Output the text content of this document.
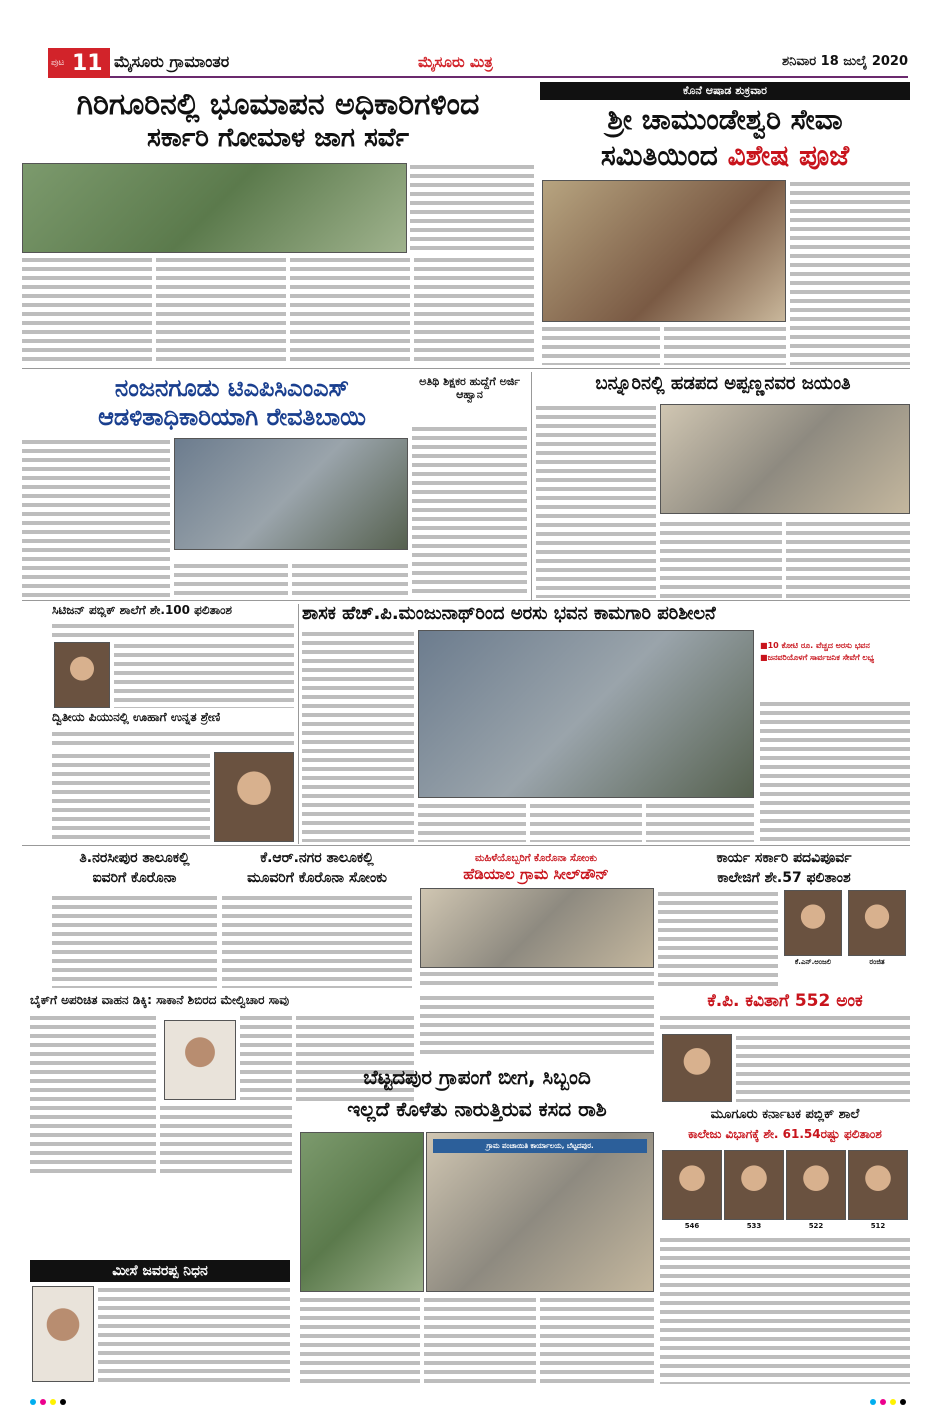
ಪುಟ 11 ಮೈಸೂರು ಗ್ರಾಮಾಂತರ	ಮೈಸೂರು ಮಿತ್ರ	ಶನಿವಾರ 18 ಜುಲೈ 2020
ಗಿರಿಗೂರಿನಲ್ಲಿ ಭೂಮಾಪನ ಅಧಿಕಾರಿಗಳಿಂದ
ಸರ್ಕಾರಿ ಗೋಮಾಳ ಜಾಗ ಸರ್ವೆ
ಕೊನೆ ಆಷಾಡ ಶುಕ್ರವಾರ
ಶ್ರೀ ಚಾಮುಂಡೇಶ್ವರಿ ಸೇವಾ
ಸಮಿತಿಯಿಂದ ವಿಶೇಷ ಪೂಜೆ
ನಂಜನಗೂಡು ಟಿಎಪಿಸಿಎಂಎಸ್
ಆಡಳಿತಾಧಿಕಾರಿಯಾಗಿ ರೇವತಿಬಾಯಿ
ಅತಿಥಿ ಶಿಕ್ಷಕರ ಹುದ್ದೆಗೆ ಅರ್ಜಿ ಆಹ್ವಾನ
ಬನ್ನೂರಿನಲ್ಲಿ ಹಡಪದ ಅಪ್ಪಣ್ಣನವರ ಜಯಂತಿ
ಸಿಟಿಜನ್ ಪಬ್ಲಿಕ್ ಶಾಲೆಗೆ ಶೇ.100 ಫಲಿತಾಂಶ
ದ್ವಿತೀಯ ಪಿಯುನಲ್ಲಿ ಊಹಾಗೆ ಉನ್ನತ ಶ್ರೇಣಿ
ಶಾಸಕ ಹೆಚ್.ಪಿ.ಮಂಜುನಾಥ್‌ರಿಂದ ಅರಸು ಭವನ ಕಾಮಗಾರಿ ಪರಿಶೀಲನೆ
■ 10 ಕೋಟಿ ರೂ. ವೆಚ್ಚದ ಅರಸು ಭವನ
■ ಜನವರಿಯೊಳಗೆ ಸಾರ್ವಜನಿಕ ಸೇವೆಗೆ ಲಭ್ಯ
ತಿ.ನರಸೀಪುರ ತಾಲೂಕಲ್ಲಿ
ಐವರಿಗೆ ಕೊರೊನಾ
ಕೆ.ಆರ್.ನಗರ ತಾಲೂಕಲ್ಲಿ
ಮೂವರಿಗೆ ಕೊರೊನಾ ಸೋಂಕು
ಮಹಿಳೆಯೊಬ್ಬರಿಗೆ ಕೊರೊನಾ ಸೋಂಕು
ಹೆಡಿಯಾಲ ಗ್ರಾಮ ಸೀಲ್‌ಡೌನ್
ಕಾರ್ಯ ಸರ್ಕಾರಿ ಪದವಿಪೂರ್ವ
ಕಾಲೇಜಿಗೆ ಶೇ.57 ಫಲಿತಾಂಶ
ಕೆ.ಎನ್.ಅಂಜಲಿ	ರಂಜಿತ
ಬೈಕ್‌ಗೆ ಅಪರಿಚಿತ ವಾಹನ ಡಿಕ್ಕಿ: ಸಾಕಾನೆ ಶಿಬಿರದ ಮೇಲ್ವಿಚಾರ ಸಾವು	ಕೆ.ಪಿ. ಕವಿತಾಗೆ 552 ಅಂಕ
ಬೆಟ್ಟದಪುರ ಗ್ರಾಪಂಗೆ ಬೀಗ, ಸಿಬ್ಬಂದಿ
ಇಲ್ಲದೆ ಕೊಳೆತು ನಾರುತ್ತಿರುವ ಕಸದ ರಾಶಿ
ಗ್ರಾಮ ಪಂಚಾಯಿತಿ ಕಾರ್ಯಾಲಯ, ಬೆಟ್ಟದಪುರ.
ಮೂಗೂರು ಕರ್ನಾಟಕ ಪಬ್ಲಿಕ್ ಶಾಲೆ
ಕಾಲೇಜು ವಿಭಾಗಕ್ಕೆ ಶೇ. 61.54ರಷ್ಟು ಫಲಿತಾಂಶ
546	533	522	512
ಮೀಸೆ ಜವರಪ್ಪ ನಿಧನ
